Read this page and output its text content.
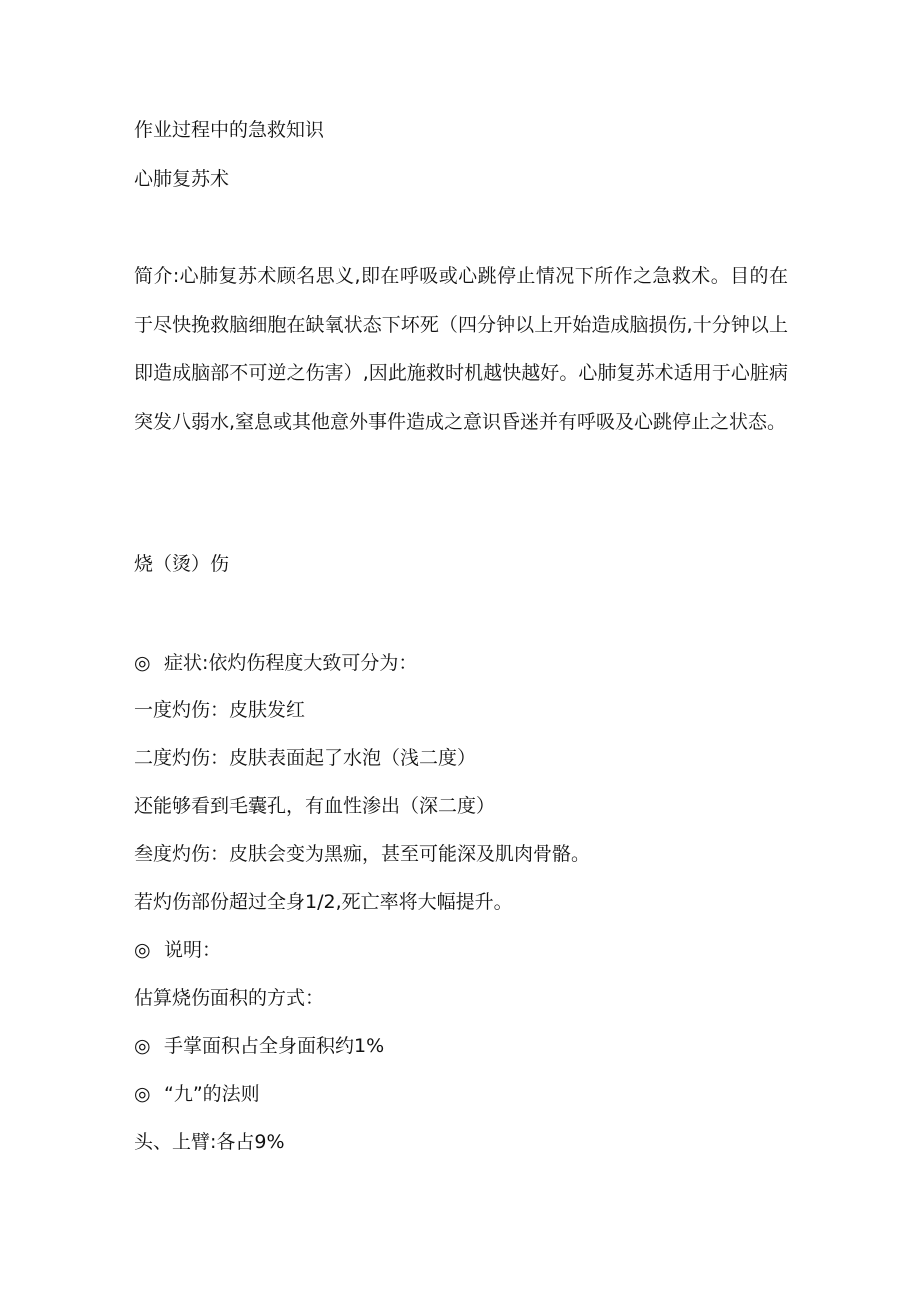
作业过程中的急救知识
心肺复苏术
简介:心肺复苏术顾名思义,即在呼吸或心跳停止情况下所作之急救术。目的在于尽快挽救脑细胞在缺氧状态下坏死（四分钟以上开始造成脑损伤,十分钟以上即造成脑部不可逆之伤害）,因此施救时机越快越好。心肺复苏术适用于心脏病突发八弱水,窒息或其他意外事件造成之意识昏迷并有呼吸及心跳停止之状态。
烧（烫）伤
◎ 症状:依灼伤程度大致可分为：
一度灼伤：皮肤发红
二度灼伤：皮肤表面起了水泡（浅二度）
还能够看到毛囊孔，有血性渗出（深二度）
叁度灼伤：皮肤会变为黑痂，甚至可能深及肌肉骨骼。
若灼伤部份超过全身1/2,死亡率将大幅提升。
◎ 说明：
估算烧伤面积的方式：
◎ 手掌面积占全身面积约1%
◎ “九”的法则
头、上臂:各占9%
